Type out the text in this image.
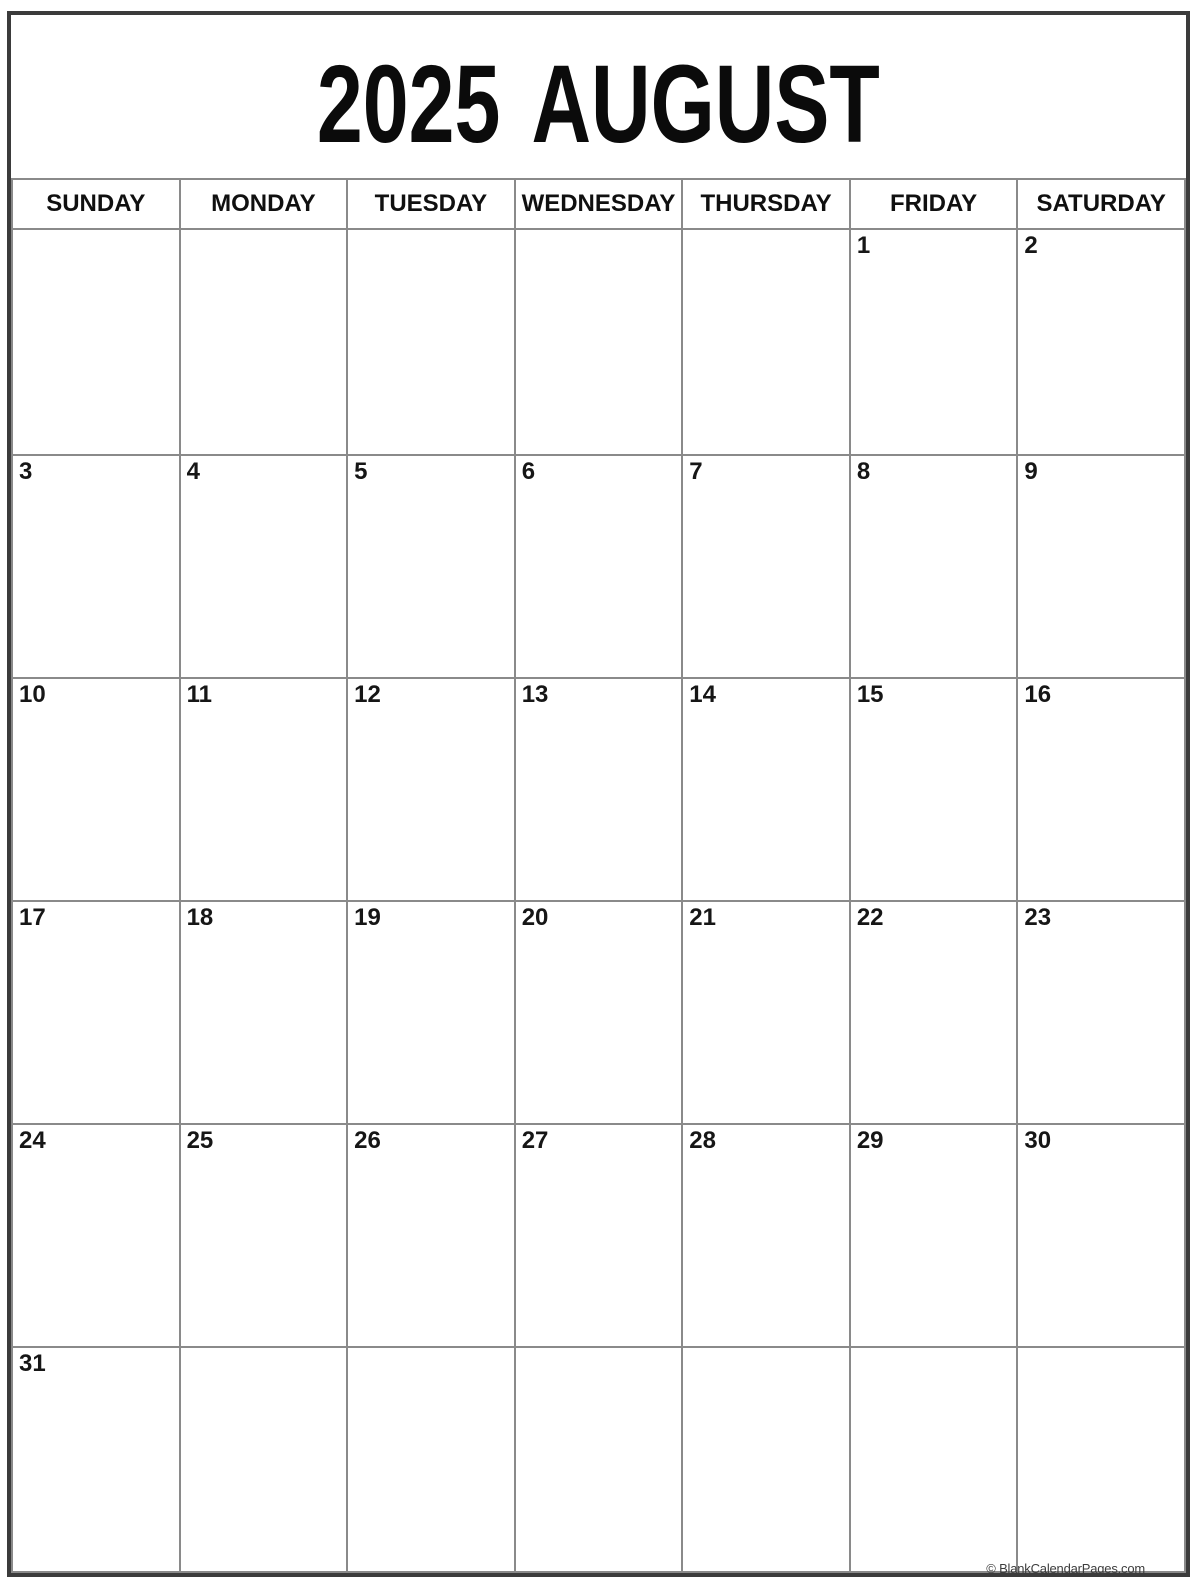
2025 AUGUST
SUNDAY	MONDAY	TUESDAY	WEDNESDAY	THURSDAY	FRIDAY	SATURDAY
					1	2
3	4	5	6	7	8	9
10	11	12	13	14	15	16
17	18	19	20	21	22	23
24	25	26	27	28	29	30
31						
© BlankCalendarPages.com
